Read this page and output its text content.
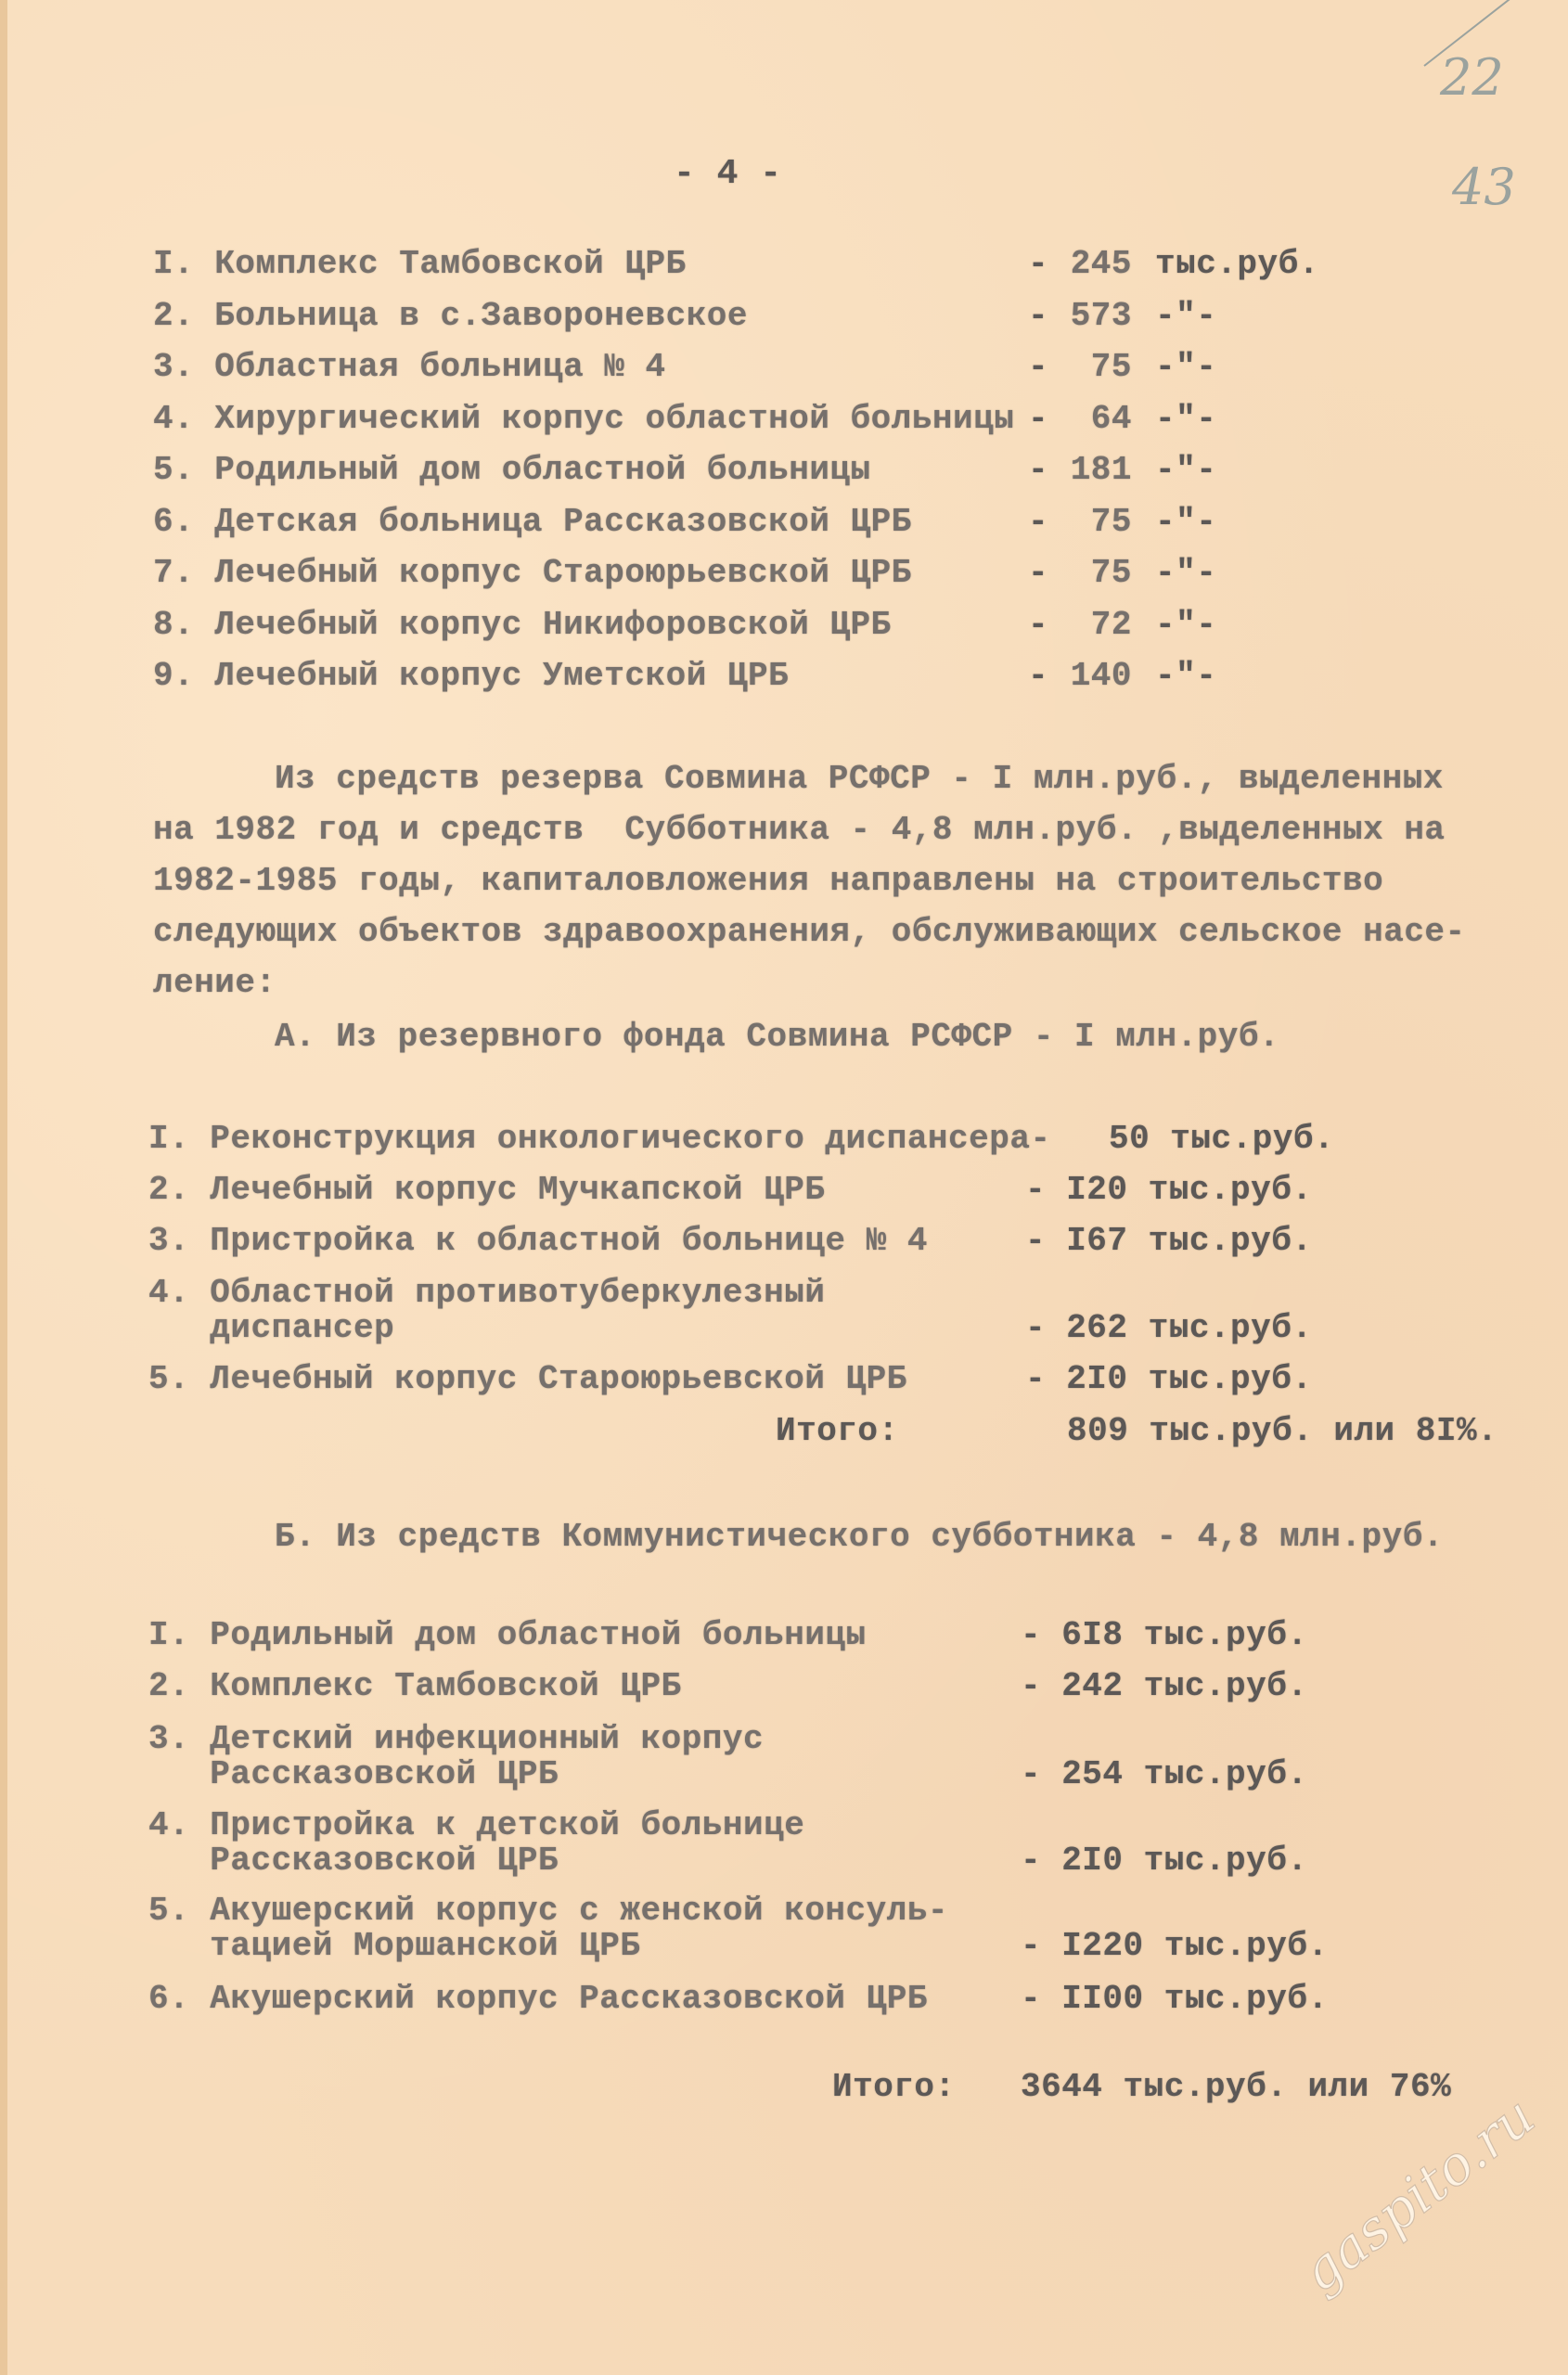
22
43
- 4 -
I. Комплекс Тамбовской ЦРБ	- 245 тыс.руб.
2. Больница в с.Завороневское	- 573 -"-
3. Областная больница № 4	-	75 -"-
4. Хирургический корпус областной больницы -	64 -"-
5. Родильный дом областной больницы	- 181 -"-
6. Детская больница Рассказовской ЦРБ	-	75 -"-
7. Лечебный корпус Староюрьевской ЦРБ	-	75 -"-
8. Лечебный корпус Никифоровской ЦРБ	-	72 -"-
9. Лечебный корпус Уметской ЦРБ	- 140 -"-
Из средств резерва Совмина РСФСР - I млн.руб., выделенных
на 1982 год и средств  Субботника - 4,8 млн.руб. ,выделенных на
1982-1985 годы, капиталовложения направлены на строительство
следующих объектов здравоохранения, обслуживающих сельское насе-
ление:
А. Из резервного фонда Совмина РСФСР - I млн.руб.
I. Реконструкция онкологического диспансера- 50 тыс.руб.
2. Лечебный корпус Мучкапской ЦРБ	- I20 тыс.руб.
3. Пристройка к областной больнице № 4	- I67 тыс.руб.
4. Областной противотуберкулезный
диспансер	- 262 тыс.руб.
5. Лечебный корпус Староюрьевской ЦРБ	- 2I0 тыс.руб.
Итого:	809 тыс.руб. или 8I%.
Б. Из средств Коммунистического субботника - 4,8 млн.руб.
I. Родильный дом областной больницы	- 6I8 тыс.руб.
2. Комплекс Тамбовской ЦРБ	- 242 тыс.руб.
3. Детский инфекционный корпус
Рассказовской ЦРБ	- 254 тыс.руб.
4. Пристройка к детской больнице
Рассказовской ЦРБ	- 2I0 тыс.руб.
5. Акушерский корпус с женской консуль-
тацией Моршанской ЦРБ	- I220 тыс.руб.
6. Акушерский корпус Рассказовской ЦРБ	- II00 тыс.руб.
Итого: 3644 тыс.руб. или 76%
gaspito.ru
